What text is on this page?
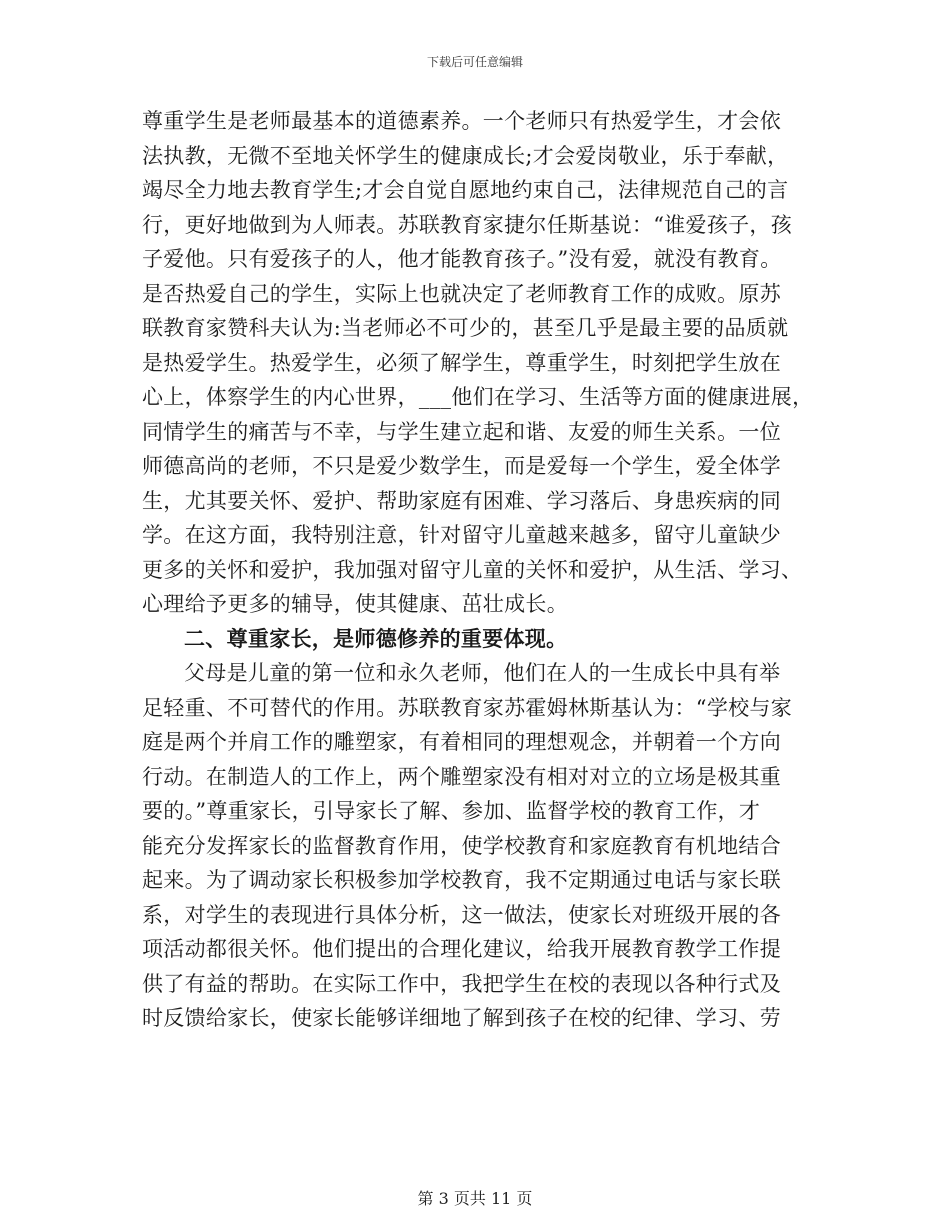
下载后可任意编辑
尊重学生是老师最基本的道德素养。一个老师只有热爱学生，才会依
法执教，无微不至地关怀学生的健康成长;才会爱岗敬业，乐于奉献，
竭尽全力地去教育学生;才会自觉自愿地约束自己，法律规范自己的言
行，更好地做到为人师表。苏联教育家捷尔任斯基说：“谁爱孩子，孩
子爱他。只有爱孩子的人，他才能教育孩子。”没有爱，就没有教育。
是否热爱自己的学生，实际上也就决定了老师教育工作的成败。原苏
联教育家赞科夫认为:当老师必不可少的，甚至几乎是最主要的品质就
是热爱学生。热爱学生，必须了解学生，尊重学生，时刻把学生放在
心上，体察学生的内心世界，___他们在学习、生活等方面的健康进展，
同情学生的痛苦与不幸，与学生建立起和谐、友爱的师生关系。一位
师德高尚的老师，不只是爱少数学生，而是爱每一个学生，爱全体学
生，尤其要关怀、爱护、帮助家庭有困难、学习落后、身患疾病的同
学。在这方面，我特别注意，针对留守儿童越来越多，留守儿童缺少
更多的关怀和爱护，我加强对留守儿童的关怀和爱护，从生活、学习、
心理给予更多的辅导，使其健康、茁壮成长。
二、尊重家长，是师德修养的重要体现。
父母是儿童的第一位和永久老师，他们在人的一生成长中具有举
足轻重、不可替代的作用。苏联教育家苏霍姆林斯基认为：“学校与家
庭是两个并肩工作的雕塑家，有着相同的理想观念，并朝着一个方向
行动。在制造人的工作上，两个雕塑家没有相对对立的立场是极其重
要的。”尊重家长，引导家长了解、参加、监督学校的教育工作，才
能充分发挥家长的监督教育作用，使学校教育和家庭教育有机地结合
起来。为了调动家长积极参加学校教育，我不定期通过电话与家长联
系，对学生的表现进行具体分析，这一做法，使家长对班级开展的各
项活动都很关怀。他们提出的合理化建议，给我开展教育教学工作提
供了有益的帮助。在实际工作中，我把学生在校的表现以各种行式及
时反馈给家长，使家长能够详细地了解到孩子在校的纪律、学习、劳
第 3 页共 11 页
